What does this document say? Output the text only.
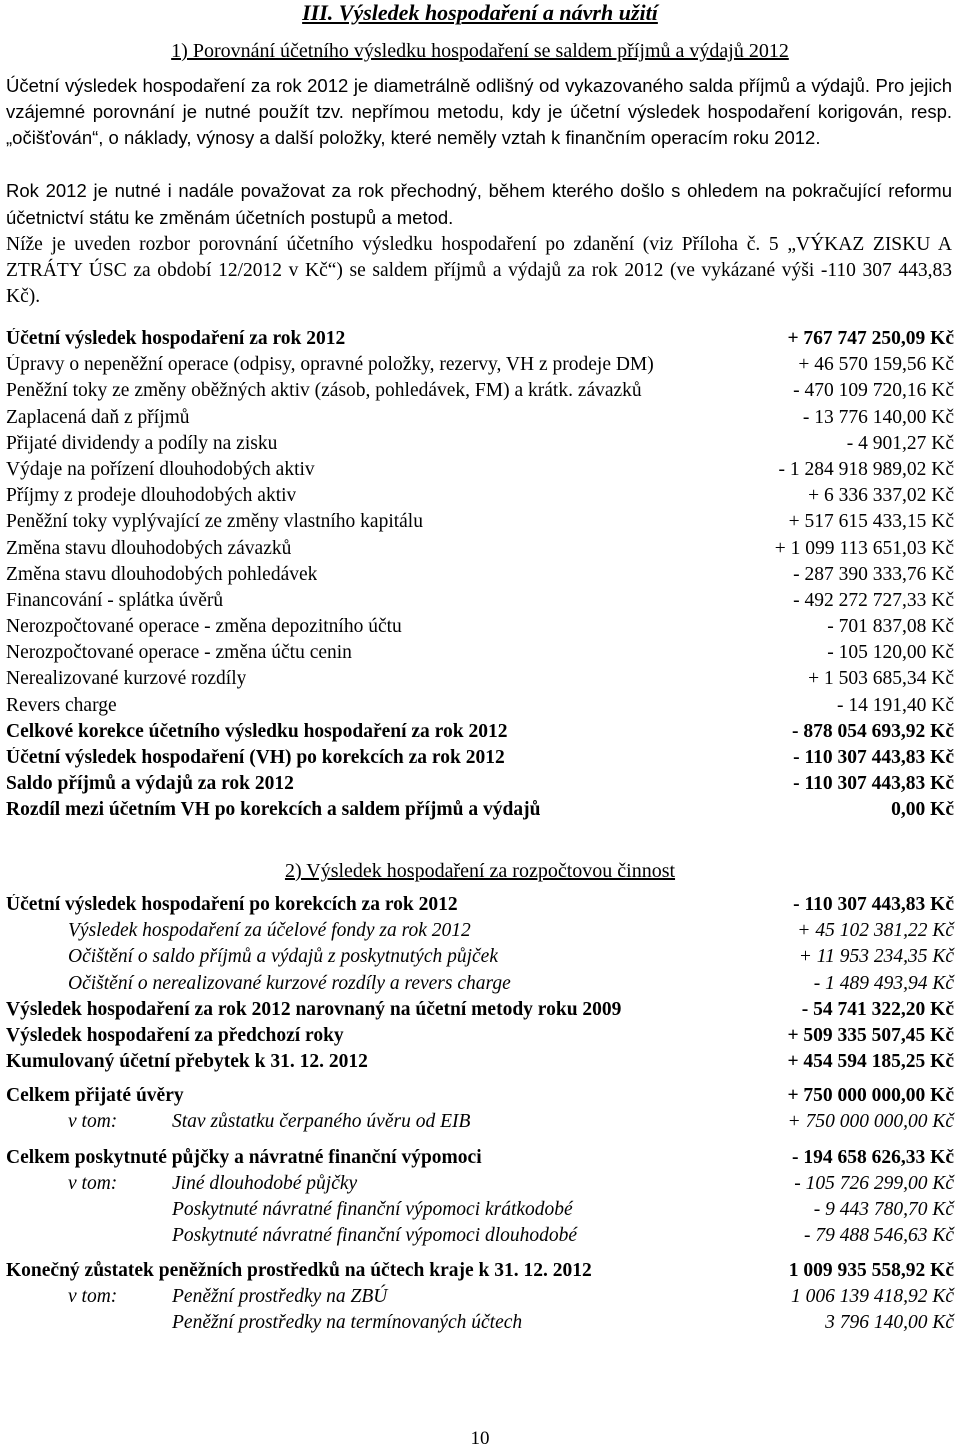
III. Výsledek hospodaření a návrh užití
1) Porovnání účetního výsledku hospodaření se saldem příjmů a výdajů 2012

Účetní výsledek hospodaření za rok 2012 je diametrálně odlišný od vykazovaného salda příjmů a výdajů. Pro jejich vzájemné porovnání je nutné použít tzv. nepřímou metodu, kdy je účetní výsledek hospodaření korigován, resp. „očišťován“, o náklady, výnosy a další položky, které neměly vztah k finančním operacím roku 2012.

Rok 2012 je nutné i nadále považovat za rok přechodný, během kterého došlo s ohledem na pokračující reformu účetnictví státu ke změnám účetních postupů a metod.

Níže je uveden rozbor porovnání účetního výsledku hospodaření po zdanění (viz Příloha č. 5 „VÝKAZ ZISKU A ZTRÁTY ÚSC za období 12/2012 v Kč“) se saldem příjmů a výdajů za rok 2012 (ve vykázané výši -110 307 443,83 Kč).

Účetní výsledek hospodaření za rok 2012	+ 767 747 250,09 Kč
Úpravy o nepeněžní operace (odpisy, opravné položky, rezervy, VH z prodeje DM)	+ 46 570 159,56 Kč
Peněžní toky ze změny oběžných aktiv (zásob, pohledávek, FM) a krátk. závazků	- 470 109 720,16 Kč
Zaplacená daň z příjmů	- 13 776 140,00 Kč
Přijaté dividendy a podíly na zisku	- 4 901,27 Kč
Výdaje na pořízení dlouhodobých aktiv	- 1 284 918 989,02 Kč
Příjmy z prodeje dlouhodobých aktiv	+ 6 336 337,02 Kč
Peněžní toky vyplývající ze změny vlastního kapitálu	+ 517 615 433,15 Kč
Změna stavu dlouhodobých závazků	+ 1 099 113 651,03 Kč
Změna stavu dlouhodobých pohledávek	- 287 390 333,76 Kč
Financování - splátka úvěrů	- 492 272 727,33 Kč
Nerozpočtované operace - změna depozitního účtu	- 701 837,08 Kč
Nerozpočtované operace - změna účtu cenin	- 105 120,00 Kč
Nerealizované kurzové rozdíly	+ 1 503 685,34 Kč
Revers charge	- 14 191,40 Kč
Celkové korekce účetního výsledku hospodaření za rok 2012	- 878 054 693,92 Kč
Účetní výsledek hospodaření (VH) po korekcích za rok 2012	- 110 307 443,83 Kč
Saldo příjmů a výdajů za rok 2012	- 110 307 443,83 Kč
Rozdíl mezi účetním VH po korekcích a saldem příjmů a výdajů	0,00 Kč
2) Výsledek hospodaření za rozpočtovou činnost
Účetní výsledek hospodaření po korekcích za rok 2012	- 110 307 443,83 Kč
Výsledek hospodaření za účelové fondy za rok 2012	+ 45 102 381,22 Kč
Očištění o saldo příjmů a výdajů z poskytnutých půjček	+ 11 953 234,35 Kč
Očištění o nerealizované kurzové rozdíly a revers charge	- 1 489 493,94 Kč
Výsledek hospodaření za rok 2012 narovnaný na účetní metody roku 2009	- 54 741 322,20 Kč
Výsledek hospodaření za předchozí roky	+ 509 335 507,45 Kč
Kumulovaný účetní přebytek k 31. 12. 2012	+ 454 594 185,25 Kč
Celkem přijaté úvěry	+ 750 000 000,00 Kč
v tom:	Stav zůstatku čerpaného úvěru od EIB	+ 750 000 000,00 Kč
Celkem poskytnuté půjčky a návratné finanční výpomoci	- 194 658 626,33 Kč
v tom:	Jiné dlouhodobé půjčky	- 105 726 299,00 Kč
Poskytnuté návratné finanční výpomoci krátkodobé	- 9 443 780,70 Kč
Poskytnuté návratné finanční výpomoci dlouhodobé	- 79 488 546,63 Kč
Konečný zůstatek peněžních prostředků na účtech kraje k 31. 12. 2012	1 009 935 558,92 Kč
v tom:	Peněžní prostředky na ZBÚ	1 006 139 418,92 Kč
Peněžní prostředky na termínovaných účtech	3 796 140,00 Kč
10
